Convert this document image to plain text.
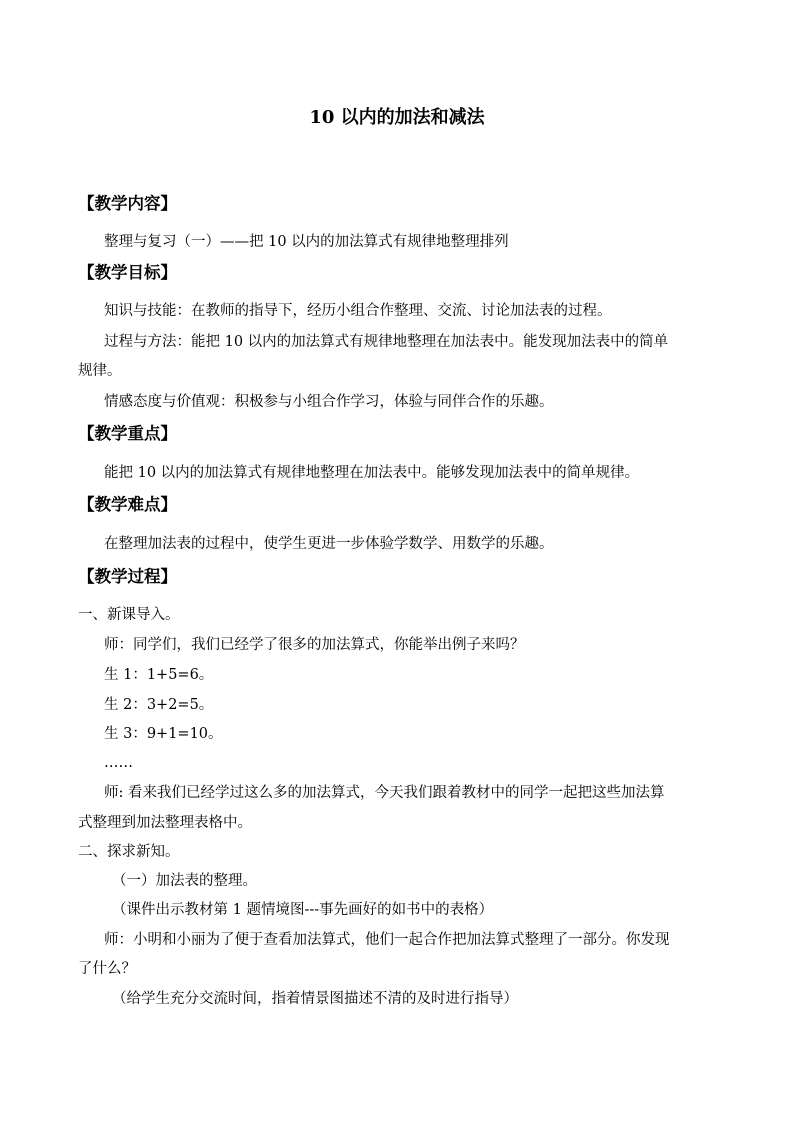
10 以内的加法和减法
【教学内容】
整理与复习（一）——把 10 以内的加法算式有规律地整理排列
【教学目标】
知识与技能：在教师的指导下，经历小组合作整理、交流、讨论加法表的过程。
过程与方法：能把 10 以内的加法算式有规律地整理在加法表中。能发现加法表中的简单
规律。
情感态度与价值观：积极参与小组合作学习，体验与同伴合作的乐趣。
【教学重点】
能把 10 以内的加法算式有规律地整理在加法表中。能够发现加法表中的简单规律。
【教学难点】
在整理加法表的过程中，使学生更进一步体验学数学、用数学的乐趣。
【教学过程】
一、新课导入。
师：同学们，我们已经学了很多的加法算式，你能举出例子来吗？
生 1：1+5=6。
生 2：3+2=5。
生 3：9+1=10。
……
师: 看来我们已经学过这么多的加法算式，今天我们跟着教材中的同学一起把这些加法算
式整理到加法整理表格中。
二、探求新知。
（一）加法表的整理。
（课件出示教材第 1 题情境图---事先画好的如书中的表格）
师：小明和小丽为了便于查看加法算式，他们一起合作把加法算式整理了一部分。你发现
了什么？
（给学生充分交流时间，指着情景图描述不清的及时进行指导）
